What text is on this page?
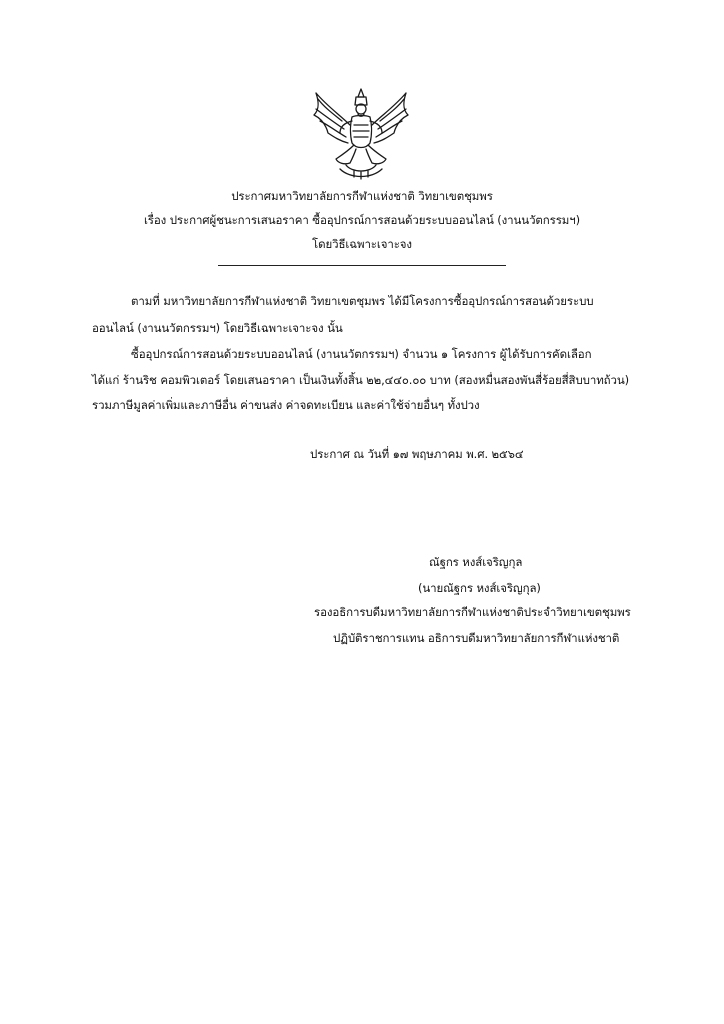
ประกาศมหาวิทยาลัยการกีฬาแห่งชาติ วิทยาเขตชุมพร
เรื่อง ประกาศผู้ชนะการเสนอราคา ซื้ออุปกรณ์การสอนด้วยระบบออนไลน์ (งานนวัตกรรมฯ)
โดยวิธีเฉพาะเจาะจง
ตามที่ มหาวิทยาลัยการกีฬาแห่งชาติ วิทยาเขตชุมพร ได้มีโครงการซื้ออุปกรณ์การสอนด้วยระบบ
ออนไลน์ (งานนวัตกรรมฯ) โดยวิธีเฉพาะเจาะจง นั้น
ซื้ออุปกรณ์การสอนด้วยระบบออนไลน์ (งานนวัตกรรมฯ) จำนวน ๑ โครงการ ผู้ได้รับการคัดเลือก
ได้แก่ ร้านริช คอมพิวเตอร์ โดยเสนอราคา เป็นเงินทั้งสิ้น ๒๒,๔๔๐.๐๐ บาท (สองหมื่นสองพันสี่ร้อยสี่สิบบาทถ้วน)
รวมภาษีมูลค่าเพิ่มและภาษีอื่น ค่าขนส่ง ค่าจดทะเบียน และค่าใช้จ่ายอื่นๆ ทั้งปวง
ประกาศ ณ วันที่ ๑๗ พฤษภาคม พ.ศ. ๒๕๖๔
ณัฐกร หงส์เจริญกุล
(นายณัฐกร หงส์เจริญกุล)
รองอธิการบดีมหาวิทยาลัยการกีฬาแห่งชาติประจำวิทยาเขตชุมพร
ปฏิบัติราชการแทน อธิการบดีมหาวิทยาลัยการกีฬาแห่งชาติ
